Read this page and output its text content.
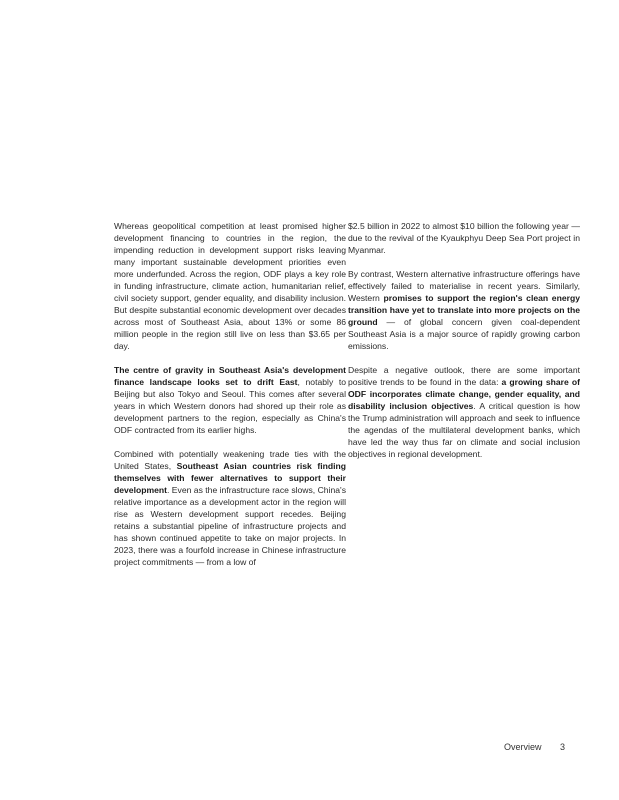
Whereas geopolitical competition at least promised higher development financing to countries in the region, the impending reduction in development support risks leaving many important sustainable development priorities even more underfunded. Across the region, ODF plays a key role in funding infrastructure, climate action, humanitarian relief, civil society support, gender equality, and disability inclusion. But despite substantial economic development over decades across most of Southeast Asia, about 13% or some 86 million people in the region still live on less than $3.65 per day.

The centre of gravity in Southeast Asia's development finance landscape looks set to drift East, notably to Beijing but also Tokyo and Seoul. This comes after several years in which Western donors had shored up their role as development partners to the region, especially as China's ODF contracted from its earlier highs.

Combined with potentially weakening trade ties with the United States, Southeast Asian countries risk finding themselves with fewer alternatives to support their development. Even as the infrastructure race slows, China's relative importance as a development actor in the region will rise as Western development support recedes. Beijing retains a substantial pipeline of infrastructure projects and has shown continued appetite to take on major projects. In 2023, there was a fourfold increase in Chinese infrastructure project commitments — from a low of

$2.5 billion in 2022 to almost $10 billion the following year — due to the revival of the Kyaukphyu Deep Sea Port project in Myanmar.

By contrast, Western alternative infrastructure offerings have effectively failed to materialise in recent years. Similarly, Western promises to support the region's clean energy transition have yet to translate into more projects on the ground — of global concern given coal-dependent Southeast Asia is a major source of rapidly growing carbon emissions.

Despite a negative outlook, there are some important positive trends to be found in the data: a growing share of ODF incorporates climate change, gender equality, and disability inclusion objectives. A critical question is how the Trump administration will approach and seek to influence the agendas of the multilateral development banks, which have led the way thus far on climate and social inclusion objectives in regional development.

Overview 3
